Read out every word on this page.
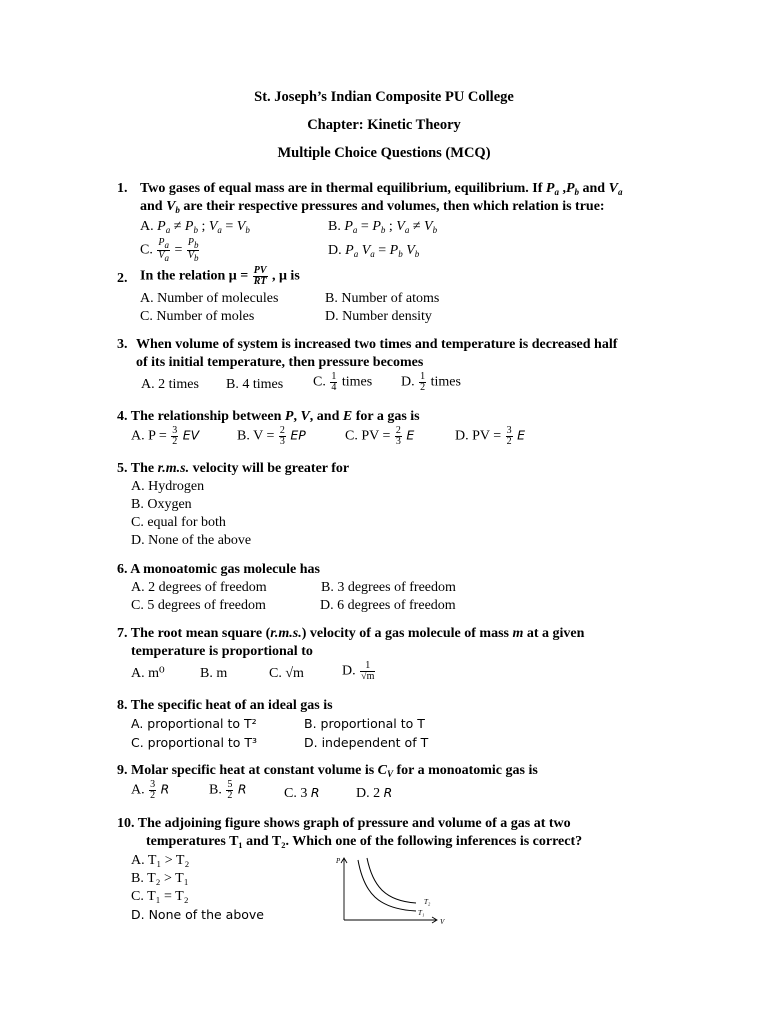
St. Joseph’s Indian Composite PU College
Chapter: Kinetic Theory
Multiple Choice Questions (MCQ)
1. Two gases of equal mass are in thermal equilibrium, equilibrium. If $P_a$ $,P_b$ and $V_a$
and $V_b$ are their respective pressures and volumes, then which relation is true:
A. $P_a \ne P_b$ ; $V_a = V_b$	B. $P_a = P_b$ ; $V_a \ne V_b$
C. $\frac{P_a}{V_a} = \frac{P_b}{V_b}$	D. $P_a$ $V_a = P_b$ $V_b$
2. In the relation $\mu = \frac{PV}{RT}$ , μ is
A. Number of molecules	B. Number of atoms
C. Number of moles	D. Number density
3. When volume of system is increased two times and temperature is decreased half
of its initial temperature, then pressure becomes
A. 2 times B. 4 times C. $\frac{1}{4}$ times D. $\frac{1}{2}$ times
4. The relationship between P, V, and E for a gas is
A. $P = \frac{3}{2}$ EV	B. $V = \frac{2}{3}$ EP	C. PV = $\frac{2}{3}$ E	D. PV = $\frac{3}{2}$ E
5. The r.m.s. velocity will be greater for
A. Hydrogen
B. Oxygen
C. equal for both
D. None of the above
6. A monoatomic gas molecule has
A. 2 degrees of freedom	B. 3 degrees of freedom
C. 5 degrees of freedom	D. 6 degrees of freedom
7. The root mean square (r.m.s.) velocity of a gas molecule of mass m at a given
temperature is proportional to
A. m⁰	B. m	C. √m	D. $\frac{1}{√m}$
8. The specific heat of an ideal gas is
A. proportional to T²	B. proportional to T
C. proportional to T³	D. independent of T
9. Molar specific heat at constant volume is $C_V$ for a monoatomic gas is
A. $\frac{3}{2}$ R	B. $\frac{5}{2}$ R	C. 3 R	D. 2 R
10. The adjoining figure shows graph of pressure and volume of a gas at two
temperatures T₁ and T₂. Which one of the following inferences is correct?
A. T₁ > T₂
B. T₂ > T₁
C. T₁ = T₂
D. None of the above
P
V
T₂
T₁
